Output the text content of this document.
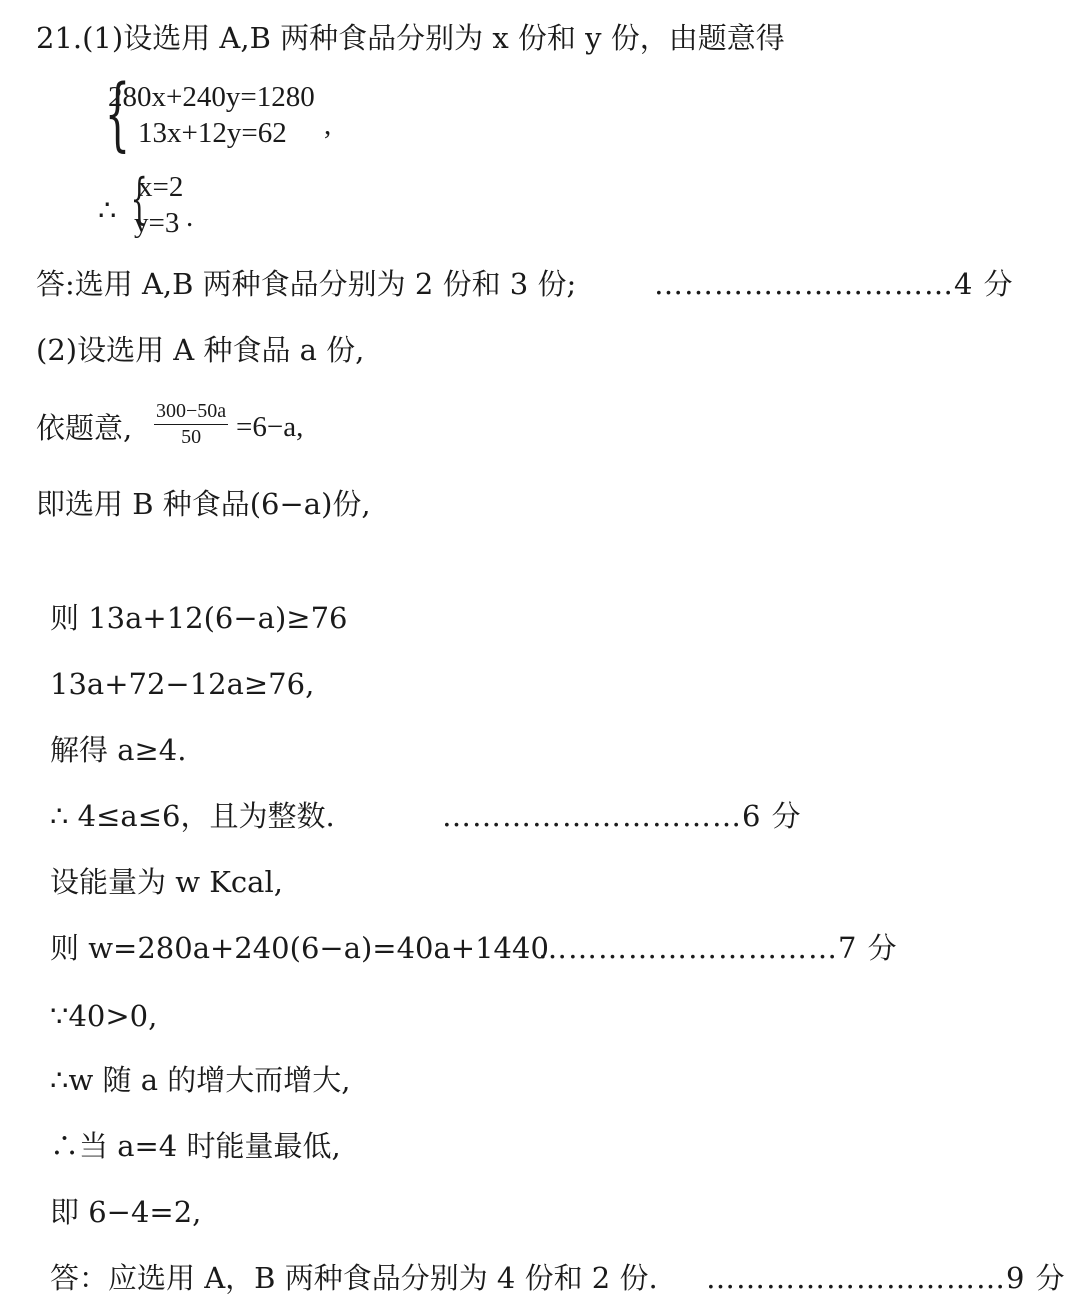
21.(1)设选用 A,B 两种食品分别为 x 份和 y 份，由题意得
{
280x+240y=1280
13x+12y=62 ,
∴ {
x=2
y=3 .
答:选用 A,B 两种食品分别为 2 份和 3 份;	…………………………4 分
(2)设选用 A 种食品 a 份,
依题意, $\frac{300-50a}{50} =6-a$,
即选用 B 种食品(6−a)份,
则 13a+12(6−a)≥76
13a+72−12a≥76,
解得 a≥4.
∴ 4≤a≤6，且为整数.	…………………………6 分
设能量为 w Kcal,
则 w=280a+240(6−a)=40a+1440
…………………………7 分
∵40>0,
∴w 随 a 的增大而增大,
∴当 a=4 时能量最低,
即 6−4=2,
答：应选用 A，B 两种食品分别为 4 份和 2 份. …………………………9 分
